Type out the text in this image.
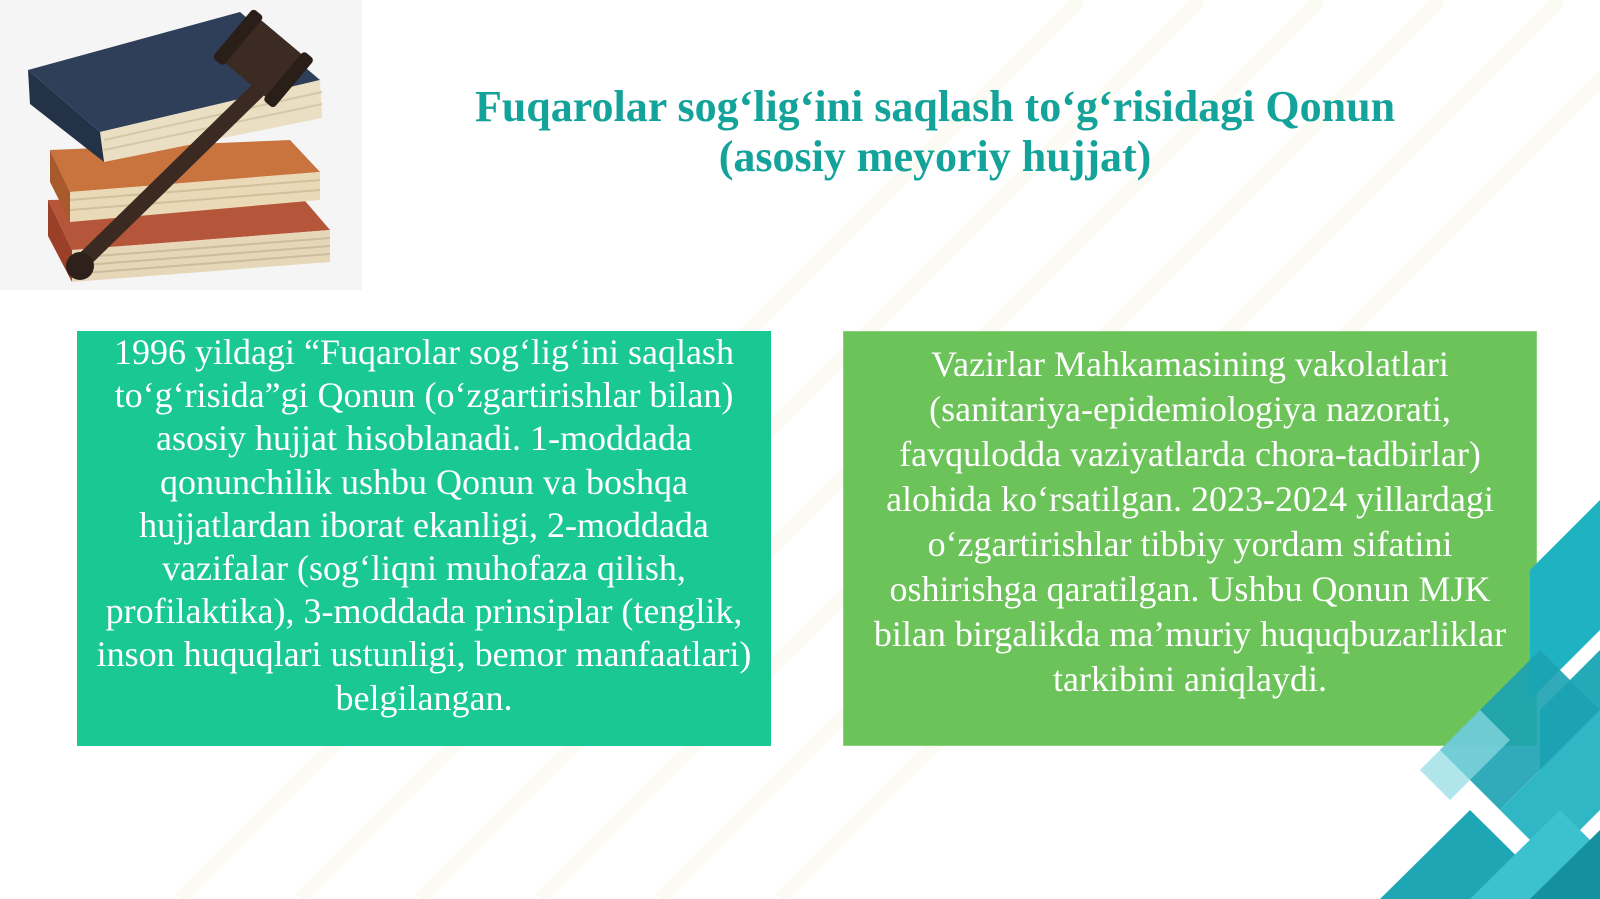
Fuqarolar sog‘lig‘ini saqlash to‘g‘risidagi Qonun
(asosiy meyoriy hujjat)
1996 yildagi “Fuqarolar sog‘lig‘ini saqlash to‘g‘risida”gi Qonun (o‘zgartirishlar bilan) asosiy hujjat hisoblanadi. 1-moddada qonunchilik ushbu Qonun va boshqa hujjatlardan iborat ekanligi, 2-moddada vazifalar (sog‘liqni muhofaza qilish, profilaktika), 3-moddada prinsiplar (tenglik, inson huquqlari ustunligi, bemor manfaatlari) belgilangan.
Vazirlar Mahkamasining vakolatlari (sanitariya-epidemiologiya nazorati, favqulodda vaziyatlarda chora-tadbirlar) alohida ko‘rsatilgan. 2023-2024 yillardagi o‘zgartirishlar tibbiy yordam sifatini oshirishga qaratilgan. Ushbu Qonun MJK bilan birgalikda ma’muriy huquqbuzarliklar tarkibini aniqlaydi.
